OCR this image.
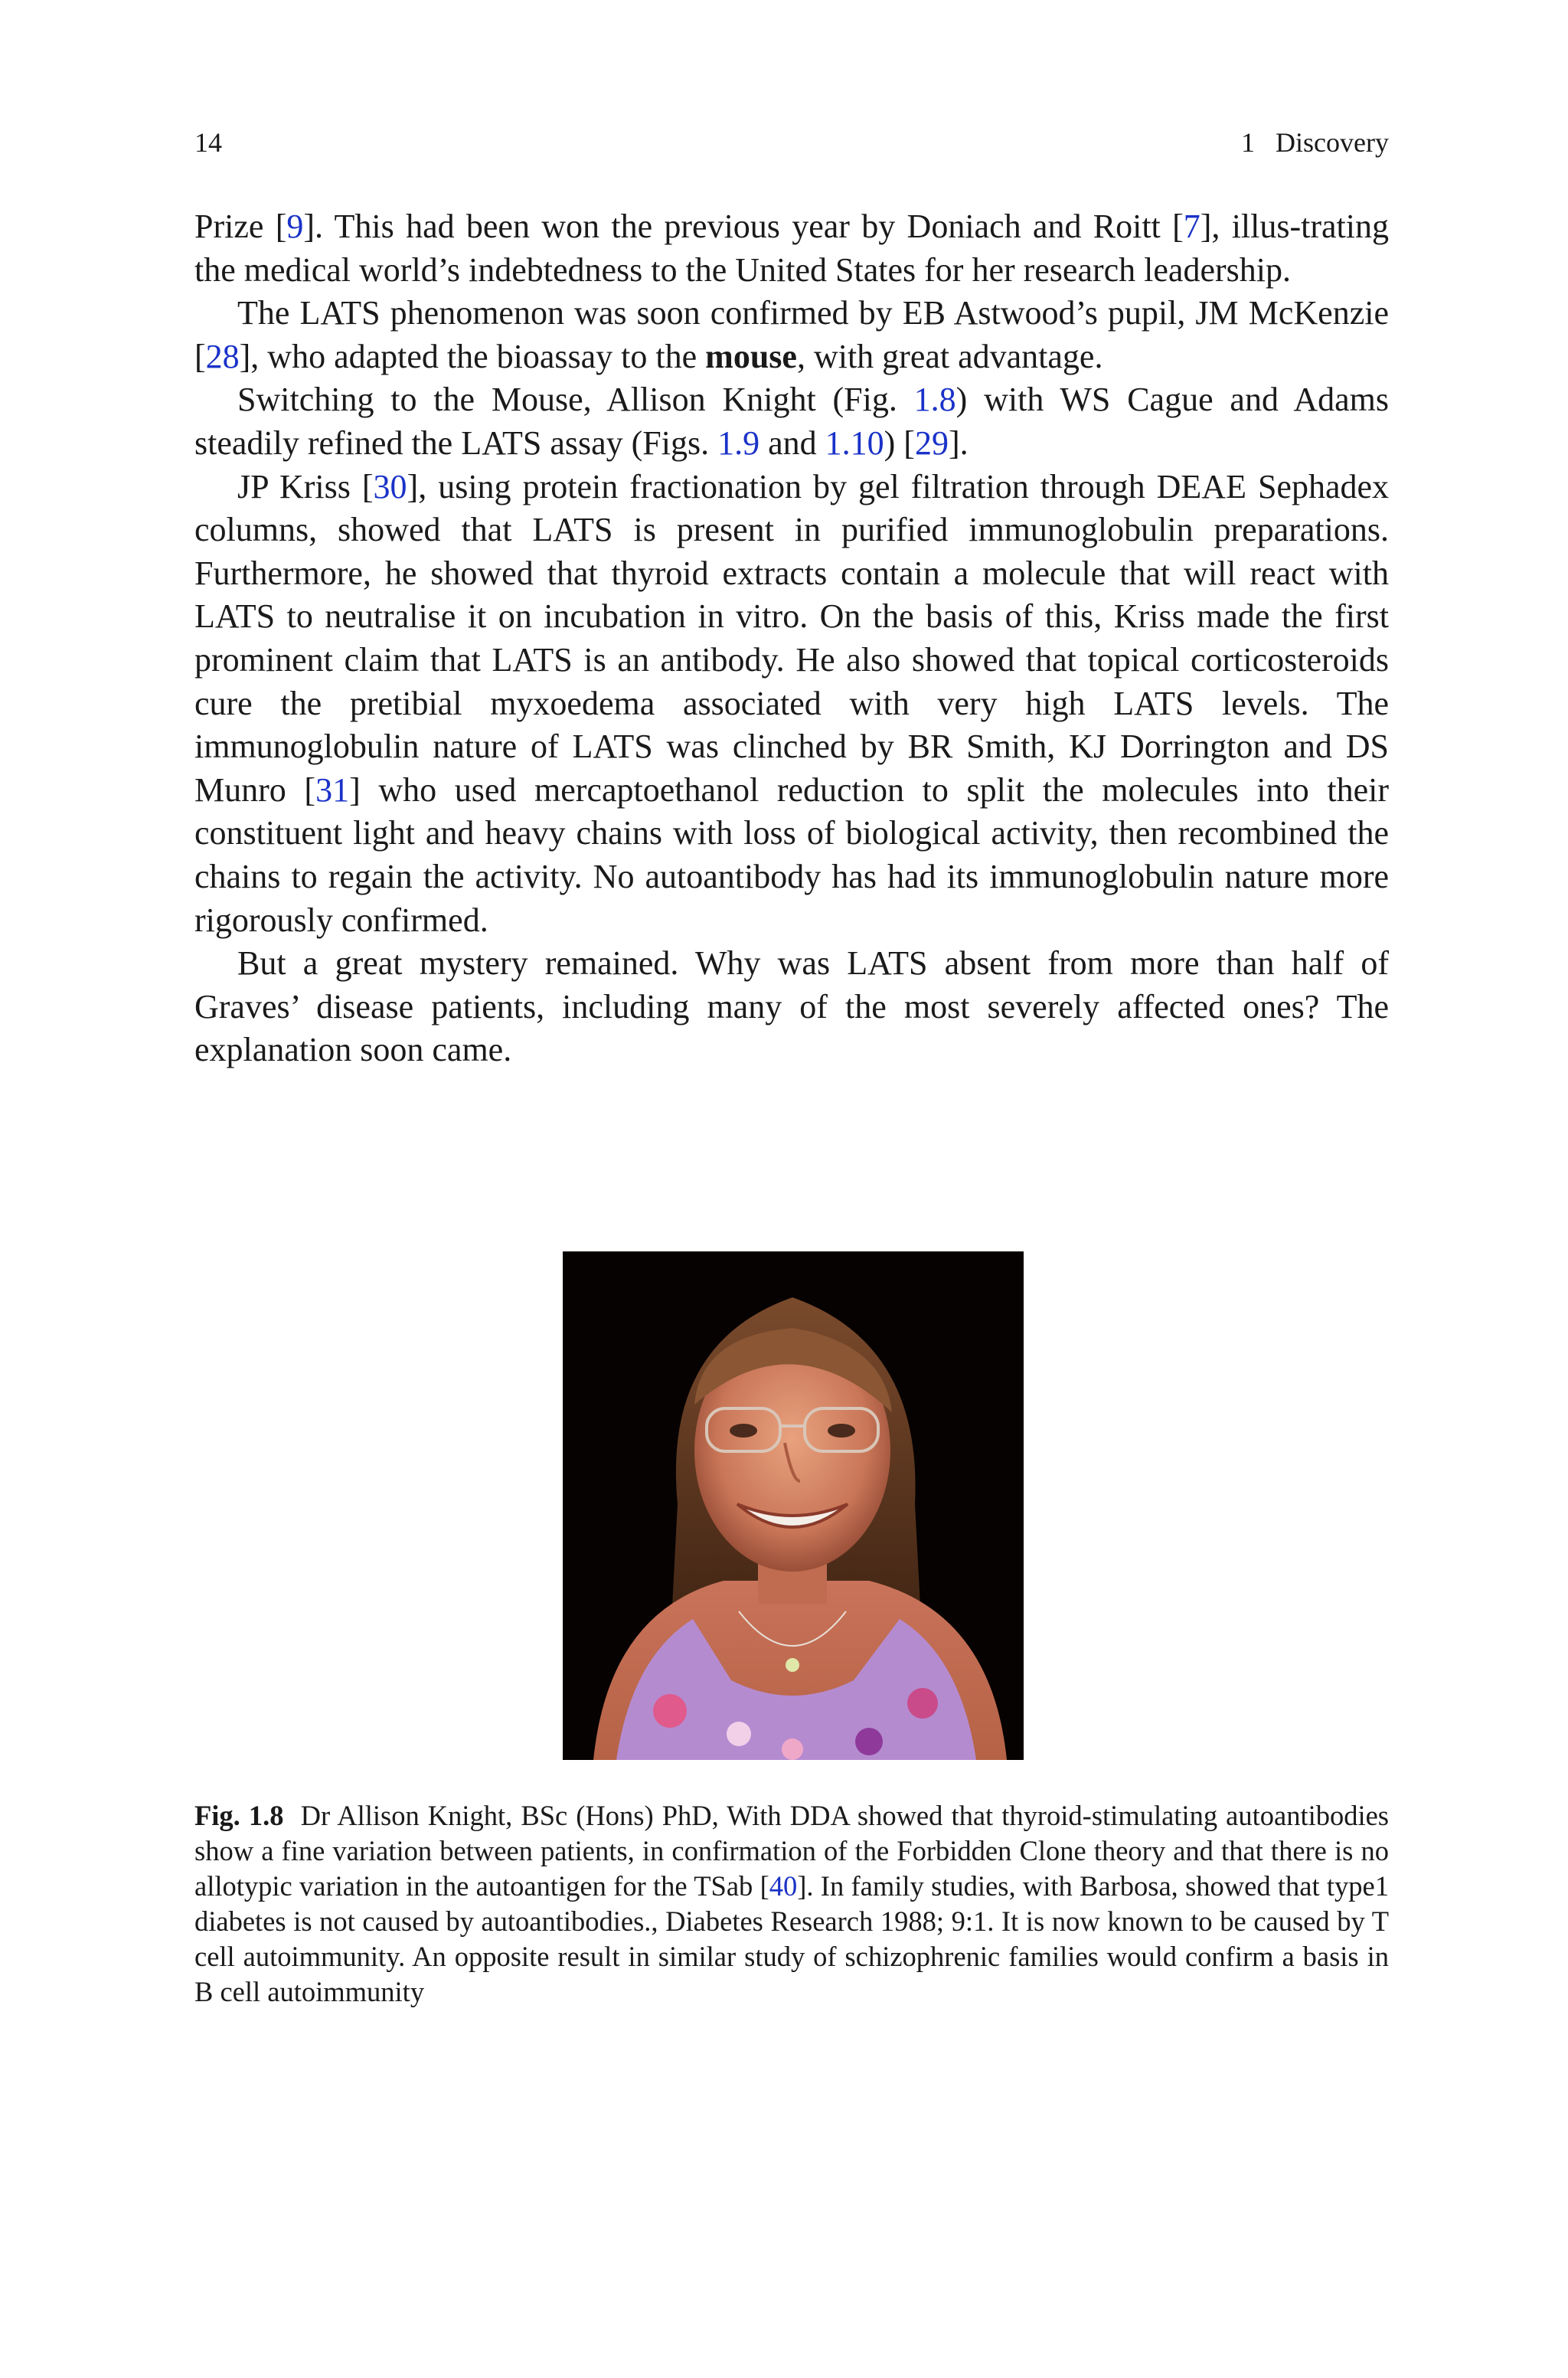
14	1 Discovery

Prize [9]. This had been won the previous year by Doniach and Roitt [7], illus-trating the medical world’s indebtedness to the United States for her research leadership.

The LATS phenomenon was soon confirmed by EB Astwood’s pupil, JM McKenzie [28], who adapted the bioassay to the mouse, with great advantage.

Switching to the Mouse, Allison Knight (Fig. 1.8) with WS Cague and Adams steadily refined the LATS assay (Figs. 1.9 and 1.10) [29].

JP Kriss [30], using protein fractionation by gel filtration through DEAE Sephadex columns, showed that LATS is present in purified immunoglobulin preparations. Furthermore, he showed that thyroid extracts contain a molecule that will react with LATS to neutralise it on incubation in vitro. On the basis of this, Kriss made the first prominent claim that LATS is an antibody. He also showed that topical corticosteroids cure the pretibial myxoedema associated with very high LATS levels. The immunoglobulin nature of LATS was clinched by BR Smith, KJ Dorrington and DS Munro [31] who used mercaptoethanol reduction to split the molecules into their constituent light and heavy chains with loss of biological activity, then recombined the chains to regain the activity. No autoantibody has had its immunoglobulin nature more rigorously confirmed.

But a great mystery remained. Why was LATS absent from more than half of Graves’ disease patients, including many of the most severely affected ones? The explanation soon came.

Fig. 1.8 Dr Allison Knight, BSc (Hons) PhD, With DDA showed that thyroid-stimulating autoantibodies show a fine variation between patients, in confirmation of the Forbidden Clone theory and that there is no allotypic variation in the autoantigen for the TSab [40]. In family studies, with Barbosa, showed that type1 diabetes is not caused by autoantibodies., Diabetes Research 1988; 9:1. It is now known to be caused by T cell autoimmunity. An opposite result in similar study of schizophrenic families would confirm a basis in B cell autoimmunity
